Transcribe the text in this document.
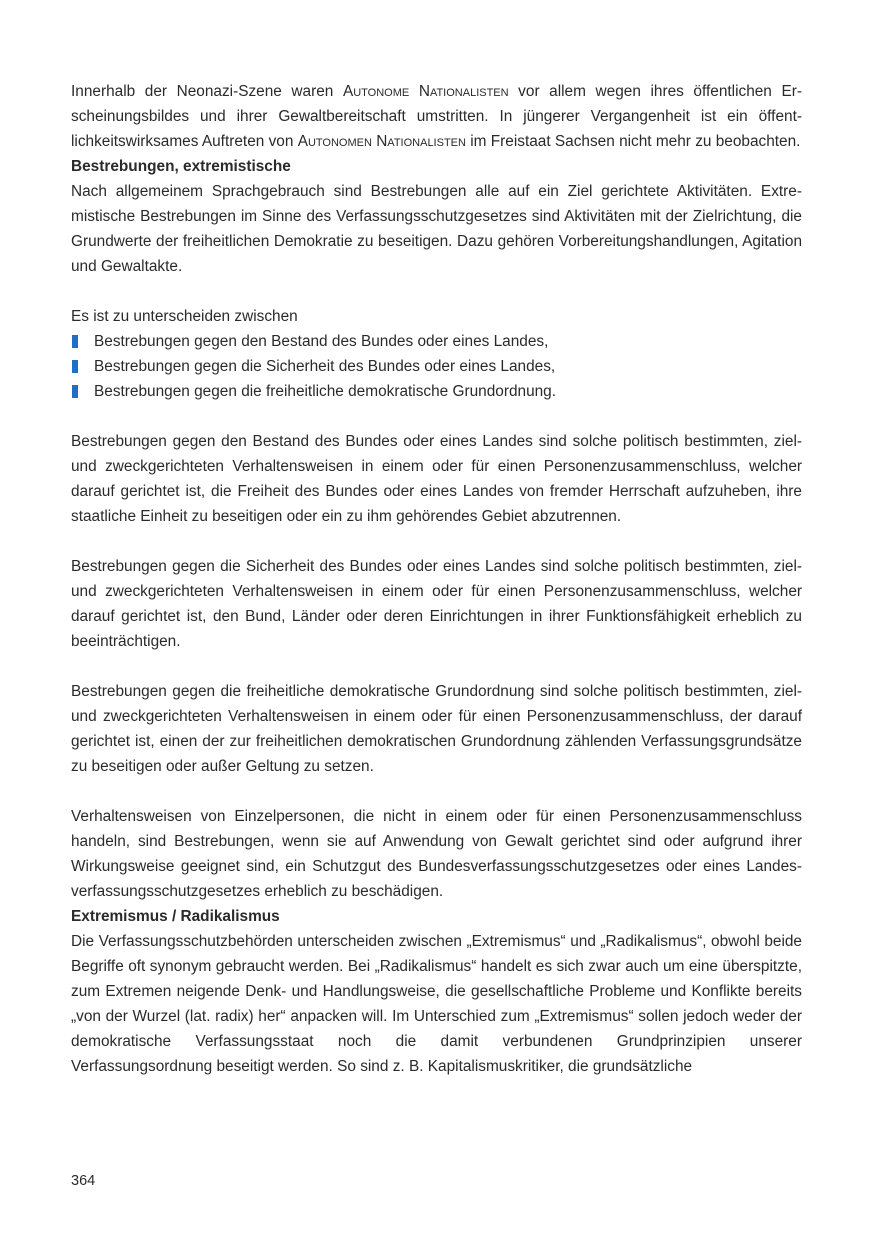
Innerhalb der Neonazi-Szene waren Autonome Nationalisten vor allem wegen ihres öffentlichen Erscheinungsbildes und ihrer Gewaltbereitschaft umstritten. In jüngerer Vergangenheit ist ein öffentlichkeitswirksames Auftreten von Autonomen Nationalisten im Freistaat Sachsen nicht mehr zu beobachten.

Bestrebungen, extremistische

Nach allgemeinem Sprachgebrauch sind Bestrebungen alle auf ein Ziel gerichtete Aktivitäten. Extremistische Bestrebungen im Sinne des Verfassungsschutzgesetzes sind Aktivitäten mit der Zielrichtung, die Grundwerte der freiheitlichen Demokratie zu beseitigen. Dazu gehören Vorbereitungshandlungen, Agitation und Gewaltakte.

Es ist zu unterscheiden zwischen

Bestrebungen gegen den Bestand des Bundes oder eines Landes,
Bestrebungen gegen die Sicherheit des Bundes oder eines Landes,
Bestrebungen gegen die freiheitliche demokratische Grundordnung.

Bestrebungen gegen den Bestand des Bundes oder eines Landes sind solche politisch bestimmten, ziel- und zweckgerichteten Verhaltensweisen in einem oder für einen Personenzusammenschluss, welcher darauf gerichtet ist, die Freiheit des Bundes oder eines Landes von fremder Herrschaft aufzuheben, ihre staatliche Einheit zu beseitigen oder ein zu ihm gehörendes Gebiet abzutrennen.

Bestrebungen gegen die Sicherheit des Bundes oder eines Landes sind solche politisch bestimmten, ziel- und zweckgerichteten Verhaltensweisen in einem oder für einen Personenzusammenschluss, welcher darauf gerichtet ist, den Bund, Länder oder deren Einrichtungen in ihrer Funktionsfähigkeit erheblich zu beeinträchtigen.

Bestrebungen gegen die freiheitliche demokratische Grundordnung sind solche politisch bestimmten, ziel- und zweckgerichteten Verhaltensweisen in einem oder für einen Personenzusammenschluss, der darauf gerichtet ist, einen der zur freiheitlichen demokratischen Grundordnung zählenden Verfassungsgrundsätze zu beseitigen oder außer Geltung zu setzen.

Verhaltensweisen von Einzelpersonen, die nicht in einem oder für einen Personenzusammenschluss handeln, sind Bestrebungen, wenn sie auf Anwendung von Gewalt gerichtet sind oder aufgrund ihrer Wirkungsweise geeignet sind, ein Schutzgut des Bundesverfassungsschutzgesetzes oder eines Landesverfassungsschutzgesetzes erheblich zu beschädigen.

Extremismus / Radikalismus

Die Verfassungsschutzbehörden unterscheiden zwischen „Extremismus“ und „Radikalismus“, obwohl beide Begriffe oft synonym gebraucht werden. Bei „Radikalismus“ handelt es sich zwar auch um eine überspitzte, zum Extremen neigende Denk- und Handlungsweise, die gesellschaftliche Probleme und Konflikte bereits „von der Wurzel (lat. radix) her“ anpacken will. Im Unterschied zum „Extremismus“ sollen jedoch weder der demokratische Verfassungsstaat noch die damit verbundenen Grundprinzipien unserer Verfassungsordnung beseitigt werden. So sind z. B. Kapitalismuskritiker, die grundsätzliche

364
